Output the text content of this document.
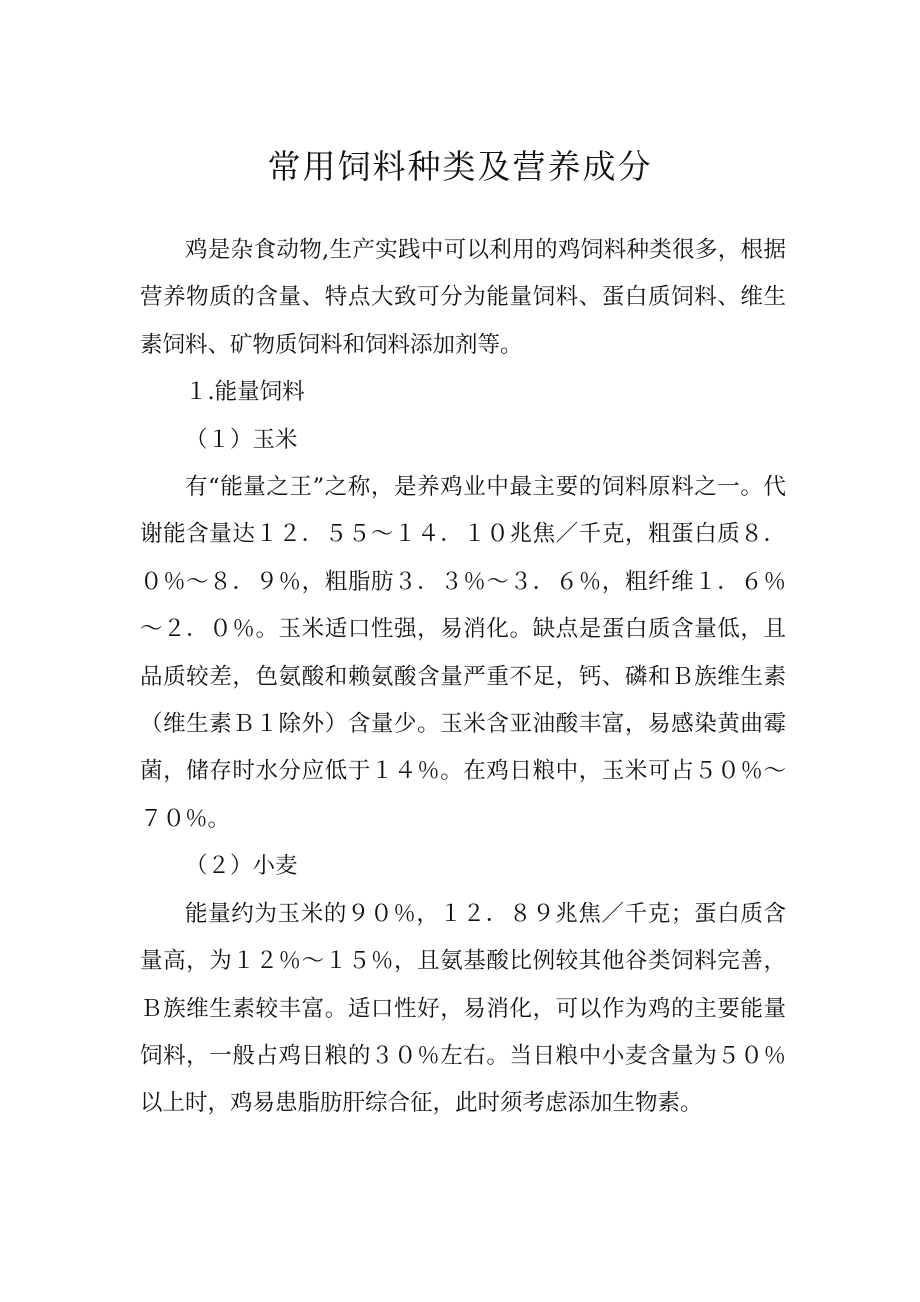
常用饲料种类及营养成分

鸡是杂食动物,生产实践中可以利用的鸡饲料种类很多，根据营养物质的含量、特点大致可分为能量饲料、蛋白质饲料、维生素饲料、矿物质饲料和饲料添加剂等。

１.能量饲料

（１）玉米

有“能量之王”之称，是养鸡业中最主要的饲料原料之一。代谢能含量达１２．５５～１４．１０兆焦／千克，粗蛋白质８．０％～８．９％，粗脂肪３．３％～３．６％，粗纤维１．６％～２．０％。玉米适口性强，易消化。缺点是蛋白质含量低，且品质较差，色氨酸和赖氨酸含量严重不足，钙、磷和Ｂ族维生素（维生素Ｂ１除外）含量少。玉米含亚油酸丰富，易感染黄曲霉菌，储存时水分应低于１４％。在鸡日粮中，玉米可占５０％～７０％。

（２）小麦

能量约为玉米的９０％，１２．８９兆焦／千克；蛋白质含量高，为１２％～１５％，且氨基酸比例较其他谷类饲料完善，Ｂ族维生素较丰富。适口性好，易消化，可以作为鸡的主要能量饲料，一般占鸡日粮的３０％左右。当日粮中小麦含量为５０％以上时，鸡易患脂肪肝综合征，此时须考虑添加生物素。
